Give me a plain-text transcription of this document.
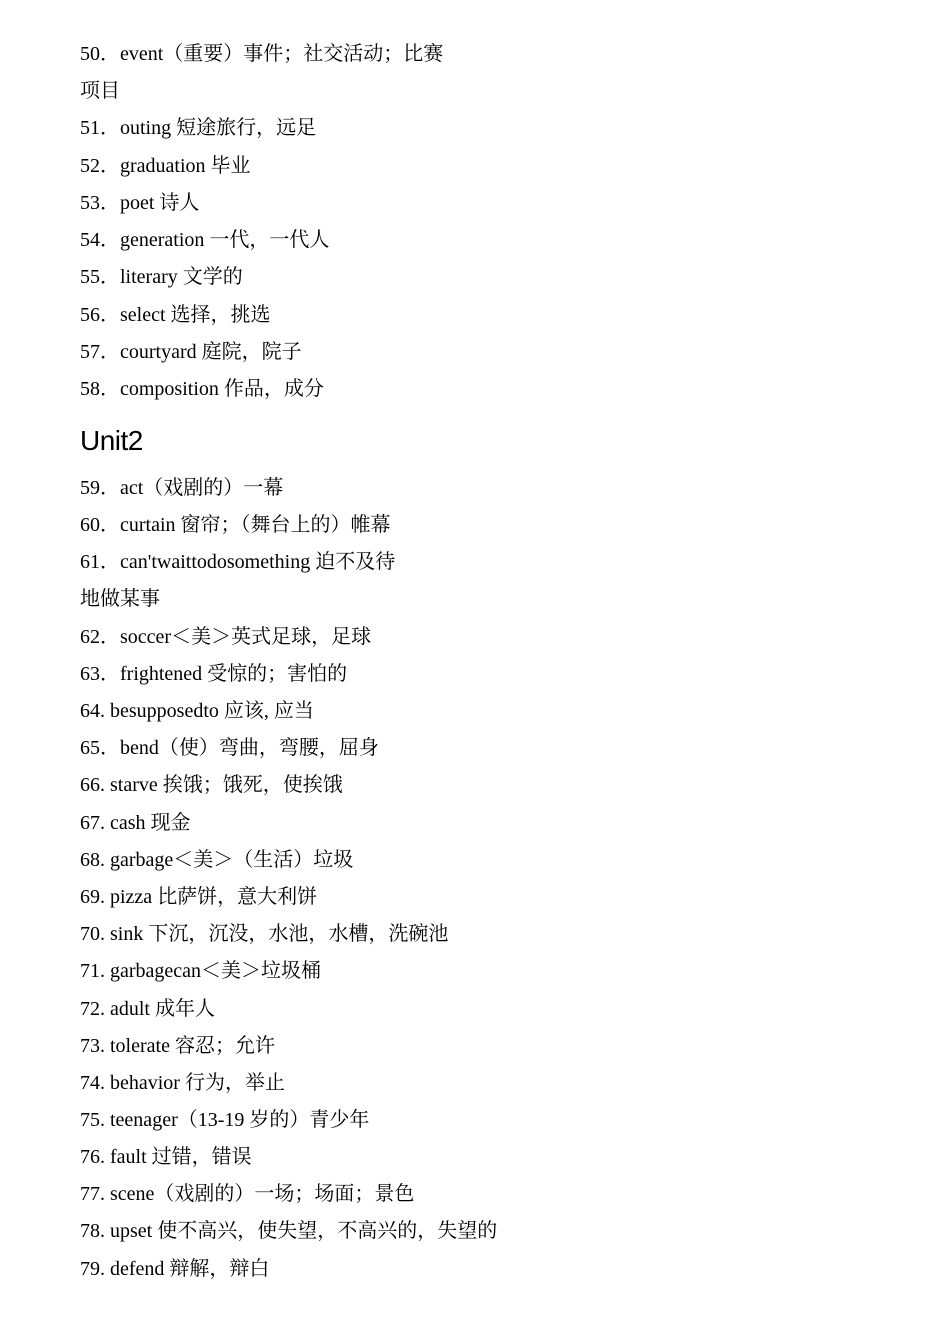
50．event（重要）事件；社交活动；比赛
项目
51．outing 短途旅行，远足
52．graduation 毕业
53．poet 诗人
54．generation 一代，一代人
55．literary 文学的
56．select 选择，挑选
57．courtyard 庭院，院子
58．composition 作品，成分
Unit2
59．act（戏剧的）一幕
60．curtain 窗帘；（舞台上的）帷幕
61．can'twaittodosomething 迫不及待
地做某事
62．soccer＜美＞英式足球，足球
63．frightened 受惊的；害怕的
64. besupposedto 应该, 应当
65．bend（使）弯曲，弯腰，屈身
66. starve 挨饿；饿死，使挨饿
67. cash 现金
68. garbage＜美＞（生活）垃圾
69. pizza 比萨饼，意大利饼
70. sink 下沉，沉没，水池，水槽，洗碗池
71. garbagecan＜美＞垃圾桶
72. adult 成年人
73. tolerate 容忍；允许
74. behavior 行为，举止
75. teenager（13-19 岁的）青少年
76. fault 过错，错误
77. scene（戏剧的）一场；场面；景色
78. upset 使不高兴，使失望，不高兴的，失望的
79. defend 辩解，辩白
